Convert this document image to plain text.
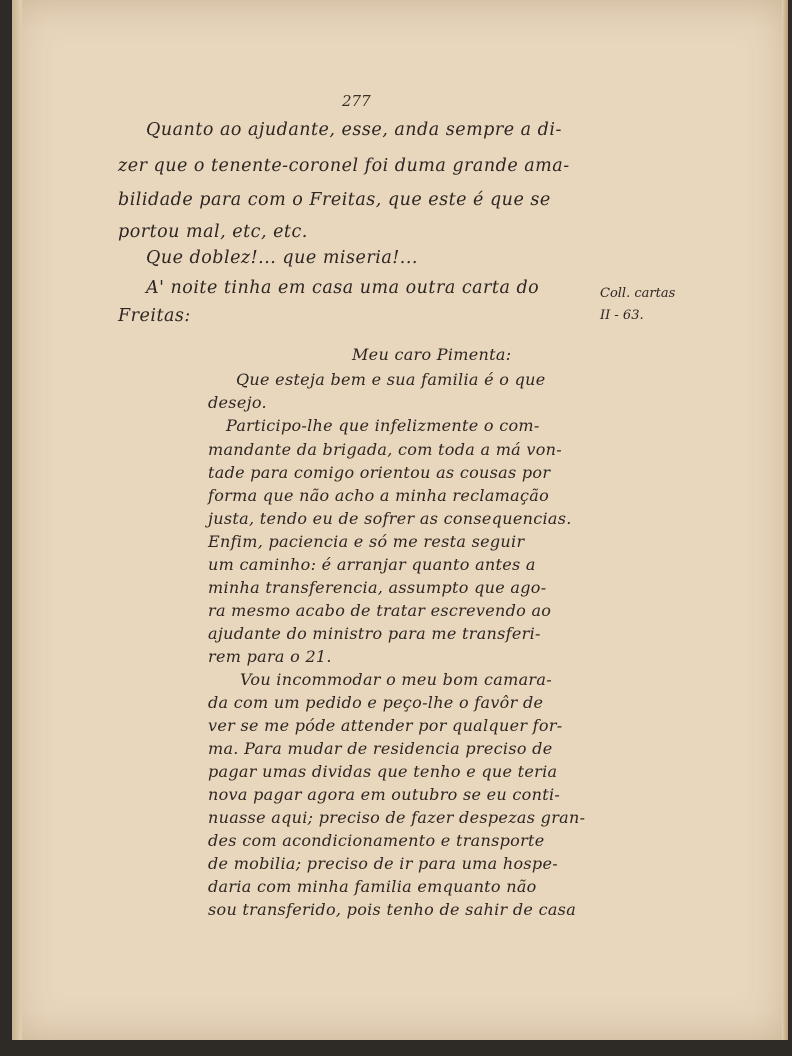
277
Quanto ao ajudante, esse, anda sempre a di-
zer que o tenente-coronel foi duma grande ama-
bilidade para com o Freitas, que este é que se
portou mal, etc, etc.
Que doblez!... que miseria!...
A' noite tinha em casa uma outra carta do
Freitas:
Coll. cartas
II - 63.
Meu caro Pimenta:
Que esteja bem e sua familia é o que
desejo.
Participo-lhe que infelizmente o com-
mandante da brigada, com toda a má von-
tade para comigo orientou as cousas por
forma que não acho a minha reclamação
justa, tendo eu de sofrer as consequencias.
Enfim, paciencia e só me resta seguir
um caminho: é arranjar quanto antes a
minha transferencia, assumpto que ago-
ra mesmo acabo de tratar escrevendo ao
ajudante do ministro para me transferi-
rem para o 21.
Vou incommodar o meu bom camara-
da com um pedido e peço-lhe o favôr de
ver se me póde attender por qualquer for-
ma. Para mudar de residencia preciso de
pagar umas dividas que tenho e que teria
nova pagar agora em outubro se eu conti-
nuasse aqui; preciso de fazer despezas gran-
des com acondicionamento e transporte
de mobilia; preciso de ir para uma hospe-
daria com minha familia emquanto não
sou transferido, pois tenho de sahir de casa
